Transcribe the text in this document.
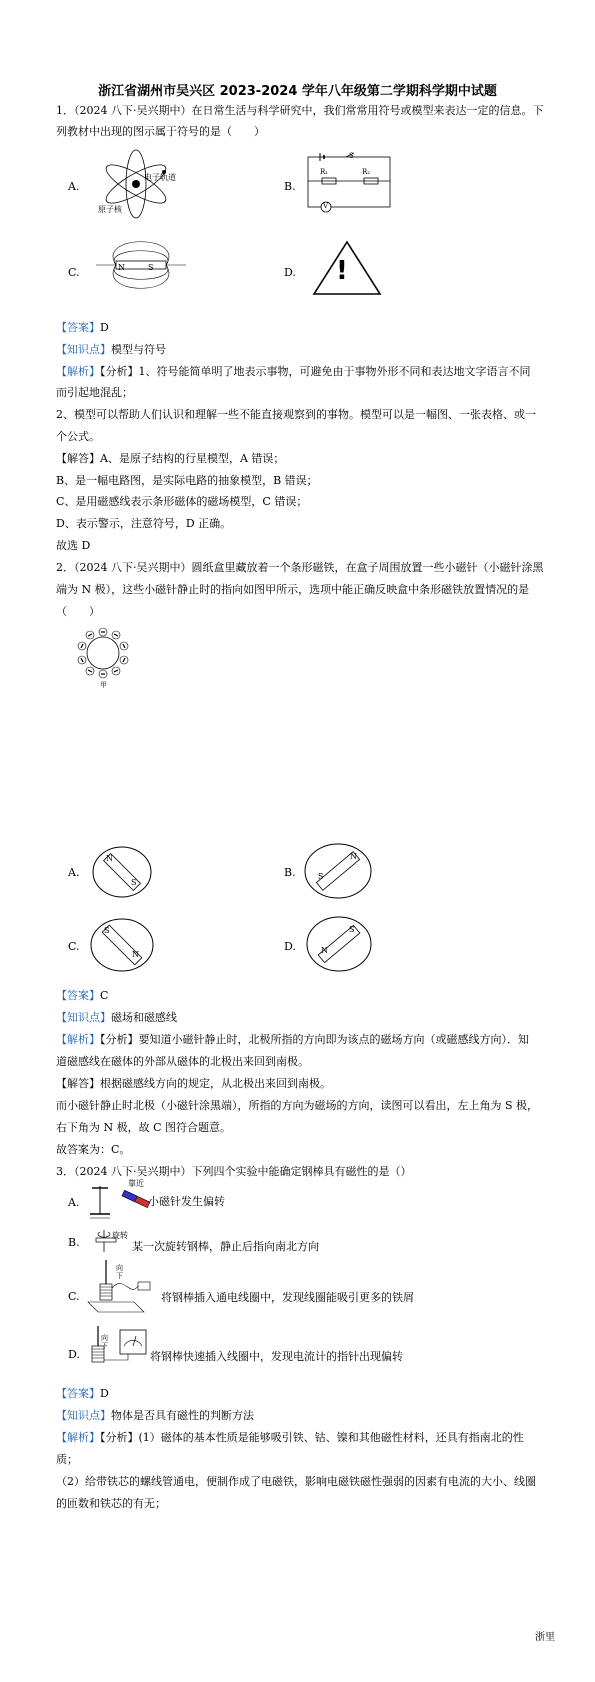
浙江省湖州市吴兴区 2023-2024 学年八年级第二学期科学期中试题
1．（2024 八下·吴兴期中）在日常生活与科学研究中，我们常常用符号或模型来表达一定的信息。下
列教材中出现的图示属于符号的是（　　）
A.
电子轨道
原子核
B.
S
R₁	R₂
V
C.	N	S	D. !
【答案】D
【知识点】模型与符号
【解析】【分析】1、符号能简单明了地表示事物，可避免由于事物外形不同和表达地文字语言不同
而引起地混乱；
2、模型可以帮助人们认识和理解一些不能直接观察到的事物。模型可以是一幅图、一张表格、或一
个公式。
【解答】A、是原子结构的行星模型，A 错误；
B、是一幅电路图，是实际电路的抽象模型，B 错误；
C、是用磁感线表示条形磁体的磁场模型，C 错误；
D、表示警示，注意符号，D 正确。
故选 D
2．（2024 八下·吴兴期中）圆纸盒里藏放着一个条形磁铁，在盒子周围放置一些小磁针（小磁针涂黑
端为 N 极），这些小磁针静止时的指向如图甲所示，选项中能正确反映盒中条形磁铁放置情况的是
（　　）
甲
A.
N
S
B.	S
N
C.
S
N
D.	N
S
【答案】C
【知识点】磁场和磁感线
【解析】【分析】要知道小磁针静止时，北极所指的方向即为该点的磁场方向（或磁感线方向）．知
道磁感线在磁体的外部从磁体的北极出来回到南极。
【解答】根据磁感线方向的规定，从北极出来回到南极。
而小磁针静止时北极（小磁针涂黑端），所指的方向为磁场的方向，读图可以看出，左上角为 S 极，
右下角为 N 极，故 C 图符合题意。
故答案为：C。
3．（2024 八下·吴兴期中）下列四个实验中能确定钢棒具有磁性的是（）
A.
靠近
小磁针发生偏转
B.
旋转
某一次旋转钢棒，静止后指向南北方向
C.
向下
将钢棒插入通电线圈中，发现线圈能吸引更多的铁屑
D.
向下
将钢棒快速插入线圈中，发现电流计的指针出现偏转
【答案】D
【知识点】物体是否具有磁性的判断方法
【解析】【分析】(1）磁体的基本性质是能够吸引铁、钴、镍和其他磁性材料，还具有指南北的性
质；
（2）给带铁芯的螺线管通电，便制作成了电磁铁，影响电磁铁磁性强弱的因素有电流的大小、线圈
的匝数和铁芯的有无；
浙里
